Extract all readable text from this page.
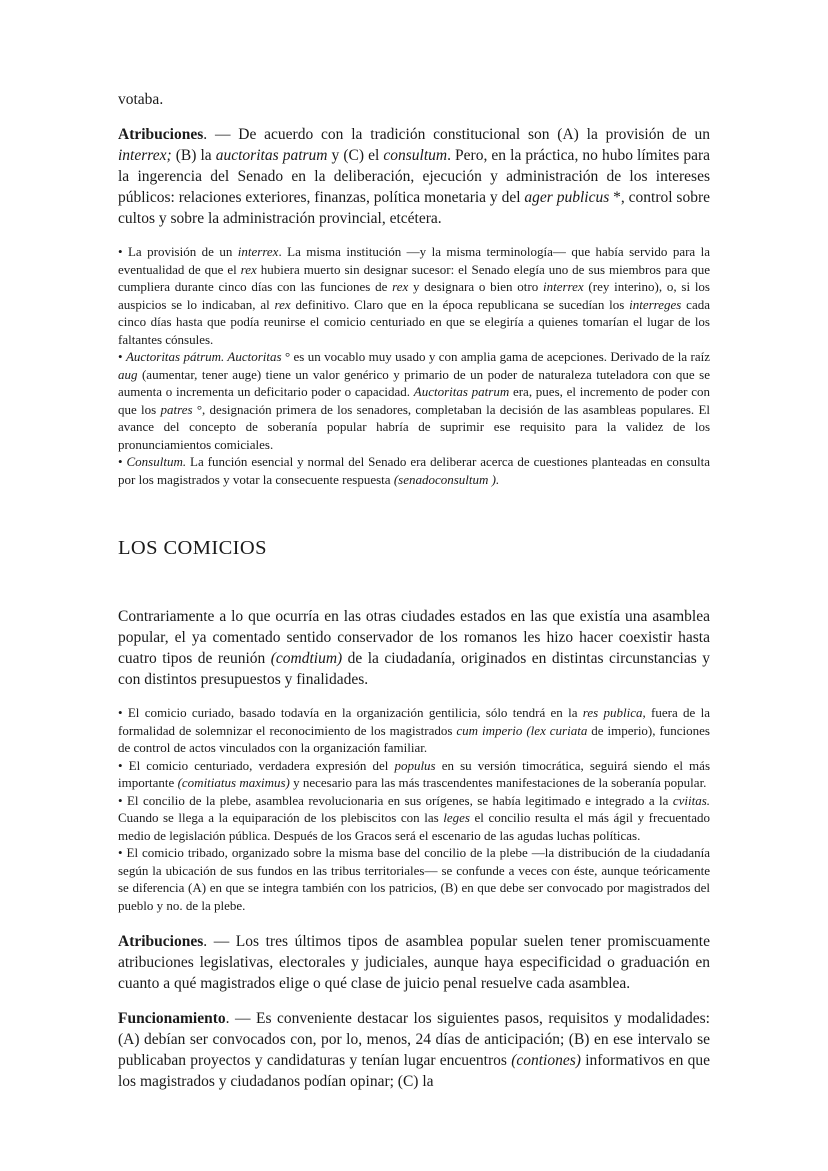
votaba.

Atribuciones. — De acuerdo con la tradición constitucional son (A) la provisión de un interrex; (B) la auctoritas patrum y (C) el consultum. Pero, en la práctica, no hubo límites para la ingerencia del Senado en la deliberación, ejecución y administración de los intereses públicos: relaciones exteriores, finanzas, política monetaria y del ager publicus *, control sobre cultos y sobre la administración provincial, etcétera.

• La provisión de un interrex. La misma institución —y la misma terminología— que había servido para la eventualidad de que el rex hubiera muerto sin designar sucesor: el Senado elegía uno de sus miembros para que cumpliera durante cinco días con las funciones de rex y designara o bien otro interrex (rey interino), o, si los auspicios se lo indicaban, al rex definitivo. Claro que en la época republicana se sucedían los interreges cada cinco días hasta que podía reunirse el comicio centuriado en que se elegiría a quienes tomarían el lugar de los faltantes cónsules.

• Auctoritas pátrum. Auctoritas ° es un vocablo muy usado y con amplia gama de acepciones. Derivado de la raíz aug (aumentar, tener auge) tiene un valor genérico y primario de un poder de naturaleza tuteladora con que se aumenta o incrementa un deficitario poder o capacidad. Auctoritas patrum era, pues, el incremento de poder con que los patres °, designación primera de los senadores, completaban la decisión de las asambleas populares. El avance del concepto de soberanía popular habría de suprimir ese requisito para la validez de los pronunciamientos comiciales.

• Consultum. La función esencial y normal del Senado era deliberar acerca de cuestiones planteadas en consulta por los magistrados y votar la consecuente respuesta (senadoconsultum ).

LOS COMICIOS

Contrariamente a lo que ocurría en las otras ciudades estados en las que existía una asamblea popular, el ya comentado sentido conservador de los romanos les hizo hacer coexistir hasta cuatro tipos de reunión (comdtium) de la ciudadanía, originados en distintas circunstancias y con distintos presupuestos y finalidades.

• El comicio curiado, basado todavía en la organización gentilicia, sólo tendrá en la res publica, fuera de la formalidad de solemnizar el reconocimiento de los magistrados cum imperio (lex curiata de imperio), funciones de control de actos vinculados con la organización familiar.

• El comicio centuriado, verdadera expresión del populus en su versión timocrática, seguirá siendo el más importante (comitiatus maximus) y necesario para las más trascendentes manifestaciones de la soberanía popular.

• El concilio de la plebe, asamblea revolucionaria en sus orígenes, se había legitimado e integrado a la cviitas. Cuando se llega a la equiparación de los plebiscitos con las leges el concilio resulta el más ágil y frecuentado medio de legislación pública. Después de los Gracos será el escenario de las agudas luchas políticas.

• El comicio tribado, organizado sobre la misma base del concilio de la plebe —la distribución de la ciudadanía según la ubicación de sus fundos en las tribus territoriales— se confunde a veces con éste, aunque teóricamente se diferencia (A) en que se integra también con los patricios, (B) en que debe ser convocado por magistrados del pueblo y no. de la plebe.

Atribuciones. — Los tres últimos tipos de asamblea popular suelen tener promiscuamente atribuciones legislativas, electorales y judiciales, aunque haya especificidad o graduación en cuanto a qué magistrados elige o qué clase de juicio penal resuelve cada asamblea.

Funcionamiento. — Es conveniente destacar los siguientes pasos, requisitos y modalidades: (A) debían ser convocados con, por lo, menos, 24 días de anticipación; (B) en ese intervalo se publicaban proyectos y candidaturas y tenían lugar encuentros (contiones) informativos en que los magistrados y ciudadanos podían opinar; (C) la
